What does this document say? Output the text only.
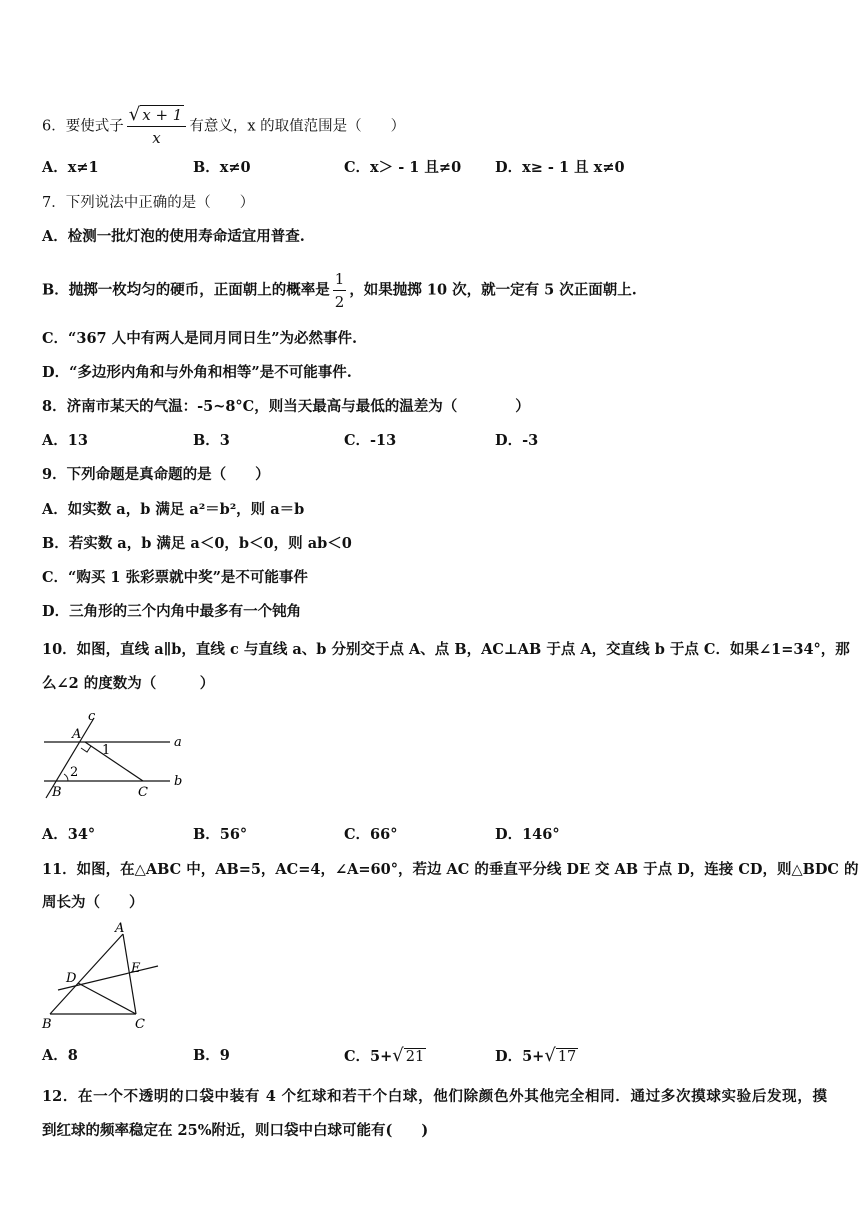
6．要使式子 $\frac{√ x + 1}{x}$ 有意义，x 的取值范围是（　　）
A．x≠1	B．x≠0	C．x＞ - 1 且≠0 D．x≥ - 1 且 x≠0
7．下列说法中正确的是（　　）
A．检测一批灯泡的使用寿命适宜用普查.
B．抛掷一枚均匀的硬币，正面朝上的概率是 $\frac{1}{2}$ ，如果抛掷 10 次，就一定有 5 次正面朝上.
C．“367 人中有两人是同月同日生”为必然事件.
D．“多边形内角和与外角和相等”是不可能事件.
8．济南市某天的气温：-5~8°C，则当天最高与最低的温差为（　　　　）
A．13	B．3	C．-13	D．-3
9．下列命题是真命题的是（　　）
A．如实数 a，b 满足 a²＝b²，则 a＝b
B．若实数 a，b 满足 a＜0，b＜0，则 ab＜0
C．“购买 1 张彩票就中奖”是不可能事件
D．三角形的三个内角中最多有一个钝角
10．如图，直线 a∥b，直线 c 与直线 a、b 分别交于点 A、点 B，AC⊥AB 于点 A，交直线 b 于点 C．如果∠1=34°，那
么∠2 的度数为（　　　）
c
A
1
a
2
B	C
b
A．34°	B．56°	C．66°	D．146°
11．如图，在△ABC 中，AB=5，AC=4，∠A=60°，若边 AC 的垂直平分线 DE 交 AB 于点 D，连接 CD，则△BDC 的
周长为（　　）
A
D
E
B	C
A．8	B．9	C．5+√ 21	D．5+√ 17
12．在一个不透明的口袋中装有 4 个红球和若干个白球，他们除颜色外其他完全相同．通过多次摸球实验后发现，摸
到红球的频率稳定在 25%附近，则口袋中白球可能有(　　)
